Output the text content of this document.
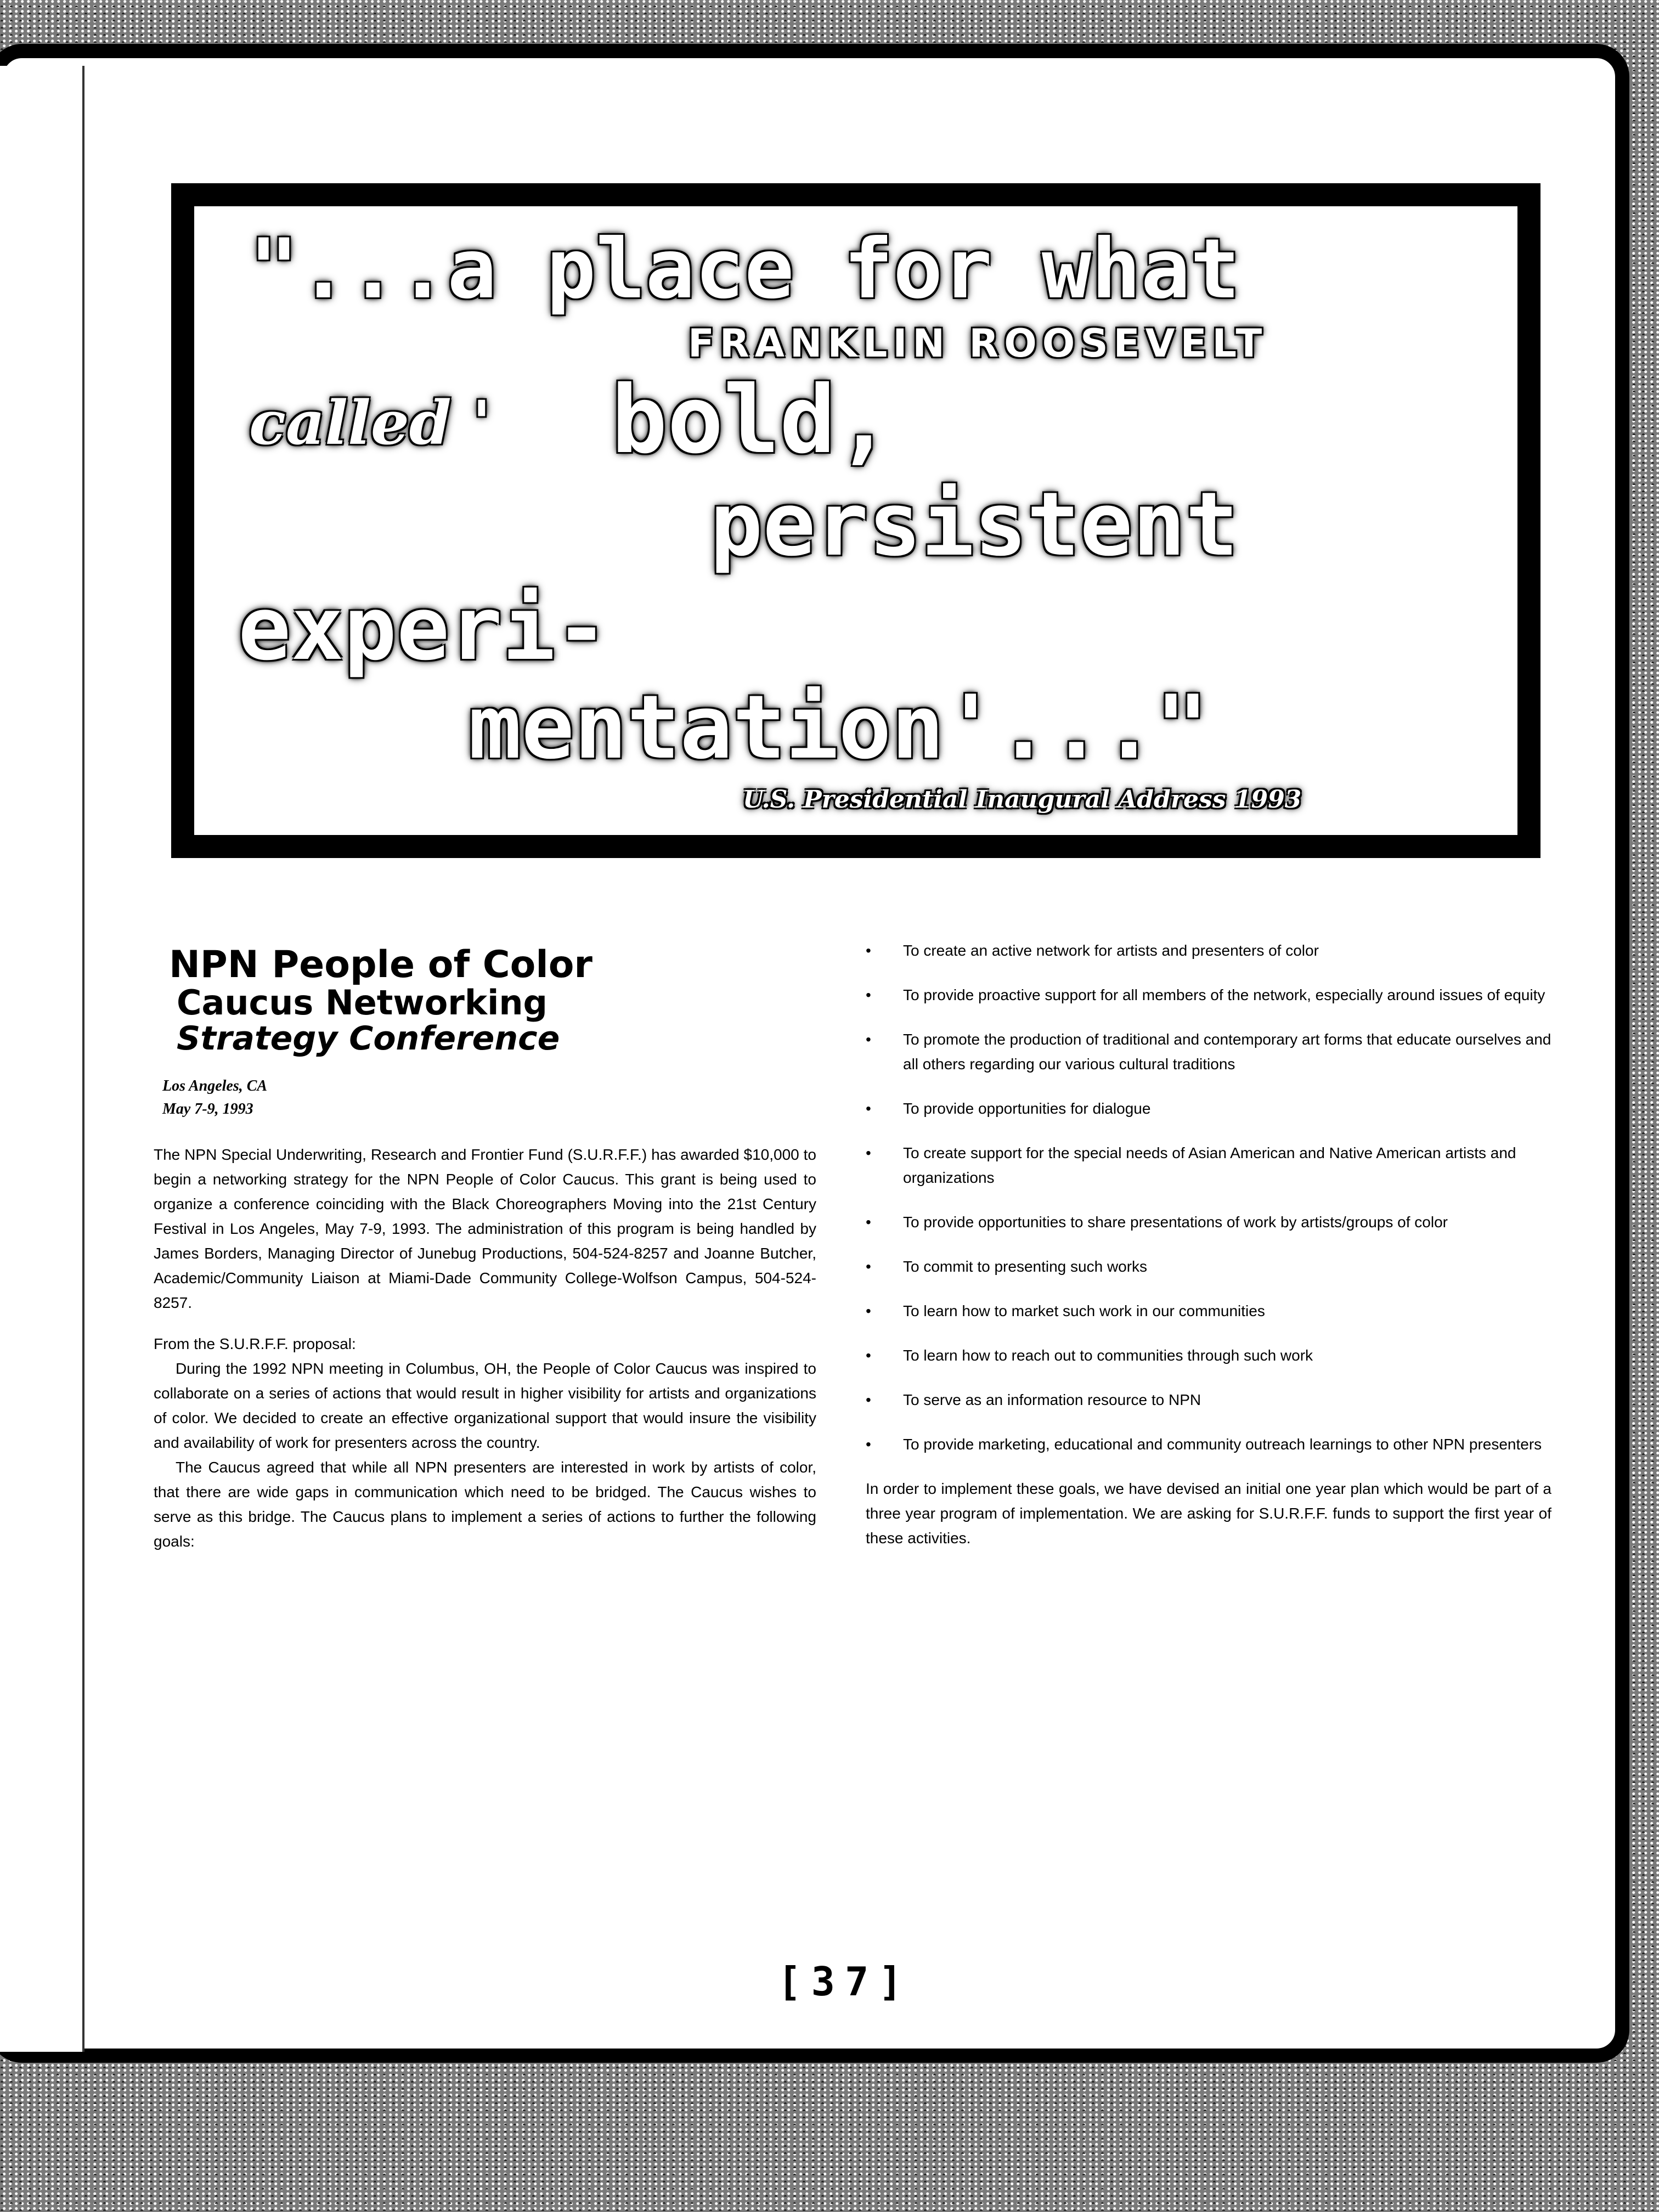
"...a place for what
FRANKLIN ROOSEVELT
called ' bold,
persistent
experi-
mentation'..."
U.S. Presidential Inaugural Address 1993
NPN People of Color
Caucus Networking
Strategy Conference
Los Angeles, CA
May 7-9, 1993

The NPN Special Underwriting, Research and Frontier Fund (S.U.R.F.F.) has awarded $10,000 to begin a networking strategy for the NPN People of Color Caucus. This grant is being used to organize a conference coinciding with the Black Choreographers Moving into the 21st Century Festival in Los Angeles, May 7-9, 1993. The administration of this program is being handled by James Borders, Managing Director of Junebug Productions, 504-524-8257 and Joanne Butcher, Academic/Community Liaison at Miami-Dade Community College-Wolfson Campus, 504-524-8257.

From the S.U.R.F.F. proposal:

During the 1992 NPN meeting in Columbus, OH, the People of Color Caucus was inspired to collaborate on a series of actions that would result in higher visibility for artists and organizations of color. We decided to create an effective organizational support that would insure the visibility and availability of work for presenters across the country.

The Caucus agreed that while all NPN presenters are interested in work by artists of color, that there are wide gaps in communication which need to be bridged. The Caucus wishes to serve as this bridge. The Caucus plans to implement a series of actions to further the following goals:

• To create an active network for artists and presenters of color
• To provide proactive support for all members of the network, especially around issues of equity
• To promote the production of traditional and contemporary art forms that educate ourselves and all others regarding our various cultural traditions
• To provide opportunities for dialogue
• To create support for the special needs of Asian American and Native American artists and organizations
• To provide opportunities to share presentations of work by artists/groups of color
• To commit to presenting such works
• To learn how to market such work in our communities
• To learn how to reach out to communities through such work
• To serve as an information resource to NPN
• To provide marketing, educational and community outreach learnings to other NPN presenters
In order to implement these goals, we have devised an initial one year plan which would be part of a three year program of implementation. We are asking for S.U.R.F.F. funds to support the first year of these activities.
[37]
